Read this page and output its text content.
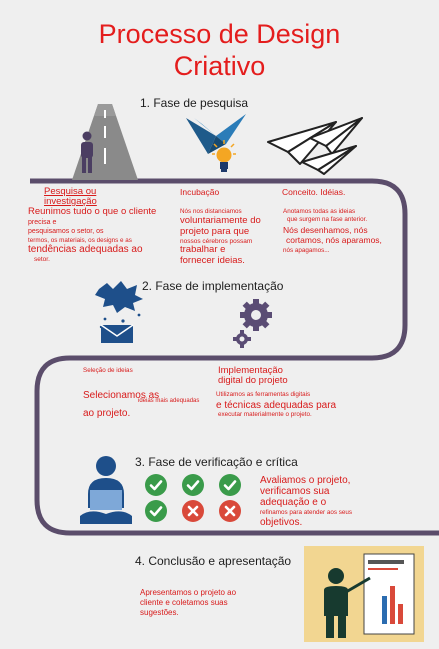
Processo de Design
Criativo
1. Fase de pesquisa
2. Fase de implementação
3. Fase de verificação e crítica
4. Conclusão e apresentação
Pesquisa ou investigação
Reunimos tudo o que o cliente
precisa e
pesquisamos o setor, os
termos, os materiais, os designs e as
tendências adequadas ao
setor.
Incubação
Nós nos distanciamos
voluntariamente do
projeto para que
nossos cérebros possam
trabalhar e
fornecer ideias.
Conceito. Idéias.
Anotamos todas as ideias
que surgem na fase anterior.
Nós desenhamos, nós
cortamos, nós aparamos,
nós apagamos...
Seleção de ideias
Selecionamos as
ideias mais adequadas
ao projeto.
Implementação digital do projeto
Utilizamos as ferramentas digitais
e técnicas adequadas para
executar materialmente o projeto.
Avaliamos o projeto,
verificamos sua
adequação e o
refinamos para atender aos seus
objetivos.
Apresentamos o projeto ao
cliente e coletamos suas
sugestões.
